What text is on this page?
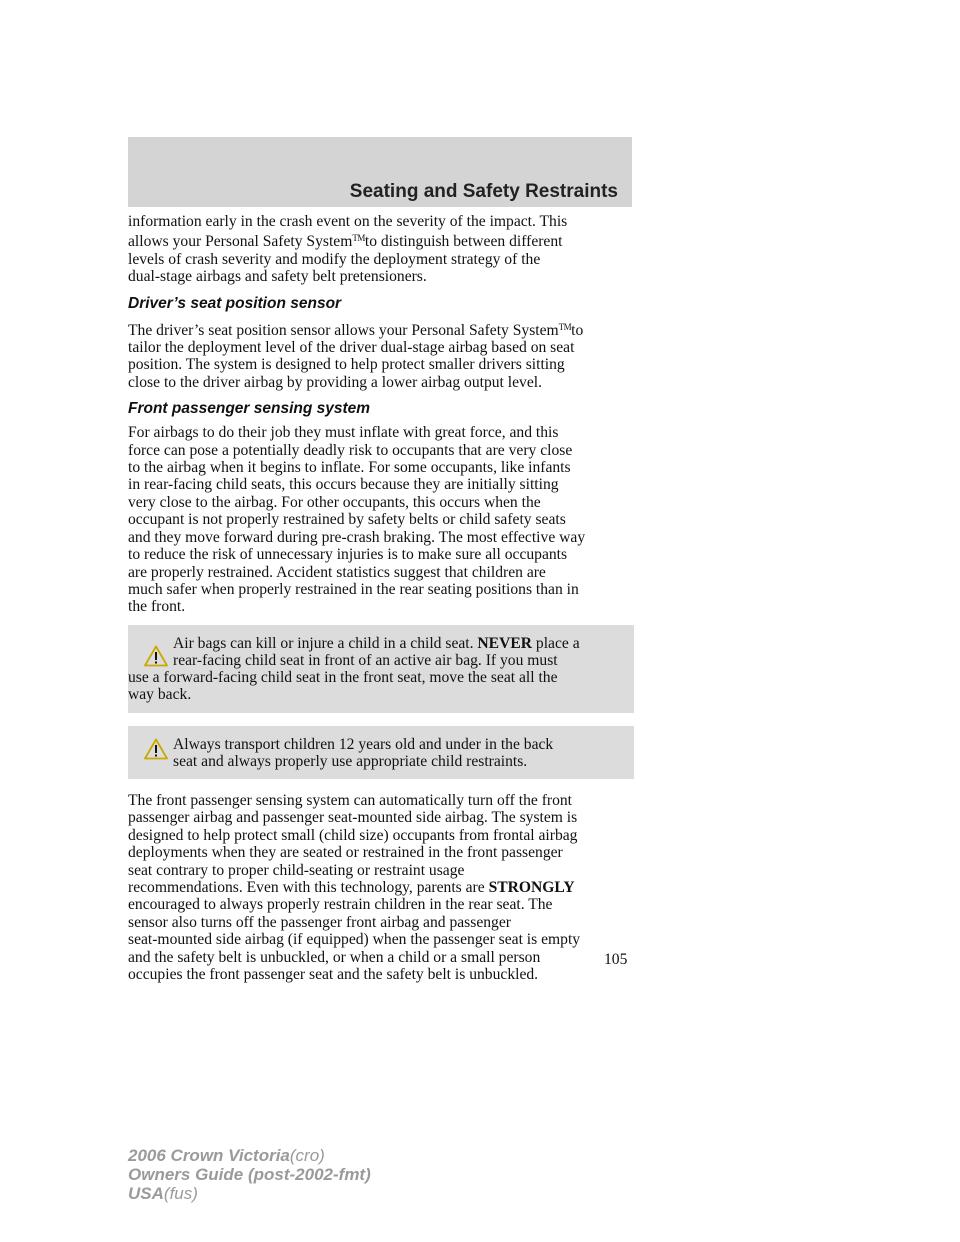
Seating and Safety Restraints

information early in the crash event on the severity of the impact. This

allows your Personal Safety System™to distinguish between different

levels of crash severity and modify the deployment strategy of the

dual-stage airbags and safety belt pretensioners.

Driver’s seat position sensor

The driver’s seat position sensor allows your Personal Safety System™to

tailor the deployment level of the driver dual-stage airbag based on seat

position. The system is designed to help protect smaller drivers sitting

close to the driver airbag by providing a lower airbag output level.

Front passenger sensing system

For airbags to do their job they must inflate with great force, and this

force can pose a potentially deadly risk to occupants that are very close

to the airbag when it begins to inflate. For some occupants, like infants

in rear-facing child seats, this occurs because they are initially sitting

very close to the airbag. For other occupants, this occurs when the

occupant is not properly restrained by safety belts or child safety seats

and they move forward during pre-crash braking. The most effective way

to reduce the risk of unnecessary injuries is to make sure all occupants

are properly restrained. Accident statistics suggest that children are

much safer when properly restrained in the rear seating positions than in

the front.

Air bags can kill or injure a child in a child seat. NEVER place a

rear-facing child seat in front of an active air bag. If you must

use a forward-facing child seat in the front seat, move the seat all the

way back.

Always transport children 12 years old and under in the back

seat and always properly use appropriate child restraints.

The front passenger sensing system can automatically turn off the front

passenger airbag and passenger seat-mounted side airbag. The system is

designed to help protect small (child size) occupants from frontal airbag

deployments when they are seated or restrained in the front passenger

seat contrary to proper child-seating or restraint usage

recommendations. Even with this technology, parents are STRONGLY

encouraged to always properly restrain children in the rear seat. The

sensor also turns off the passenger front airbag and passenger

seat-mounted side airbag (if equipped) when the passenger seat is empty

and the safety belt is unbuckled, or when a child or a small person

occupies the front passenger seat and the safety belt is unbuckled.

105
2006 Crown Victoria(cro)
Owners Guide (post-2002-fmt)
USA(fus)
